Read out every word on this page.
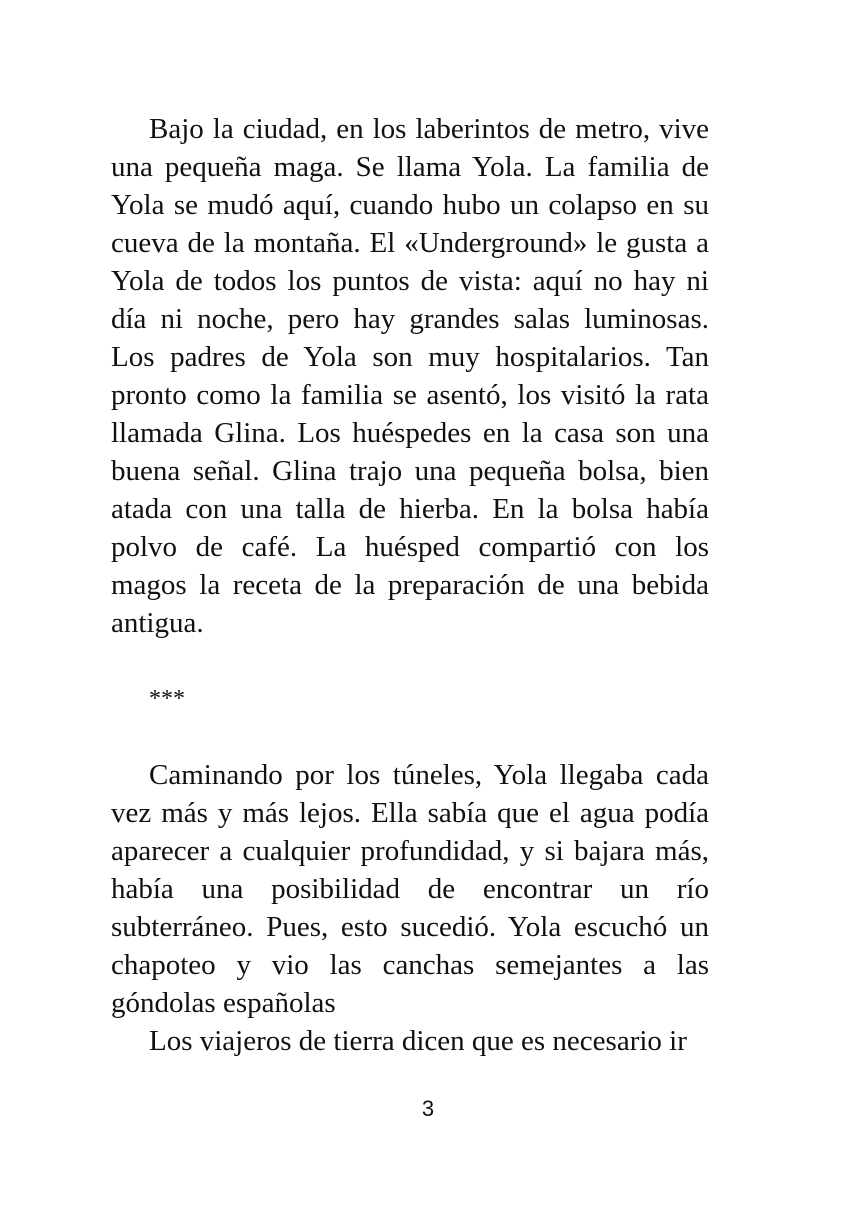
Bajo la ciudad, en los laberintos de metro, vive una pequeña maga. Se llama Yola. La familia de Yola se mudó aquí, cuando hubo un colapso en su cueva de la montaña. El «Underground» le gusta a Yola de todos los puntos de vista: aquí no hay ni día ni noche, pero hay grandes salas luminosas. Los padres de Yola son muy hospitalarios. Tan pronto como la familia se asentó, los visitó la rata llamada Glina. Los huéspedes en la casa son una buena señal. Glina trajo una pequeña bolsa, bien atada con una talla de hierba. En la bolsa había polvo de café. La huésped compartió con los magos la receta de la preparación de una bebida antigua.

***

Caminando por los túneles, Yola llegaba cada vez más y más lejos. Ella sabía que el agua podía aparecer a cualquier profundidad, y si bajara más, había una posibilidad de encontrar un río subterráneo. Pues, esto sucedió. Yola escuchó un chapoteo y vio las canchas semejantes a las góndolas españolas

Los viajeros de tierra dicen que es necesario ir

3
